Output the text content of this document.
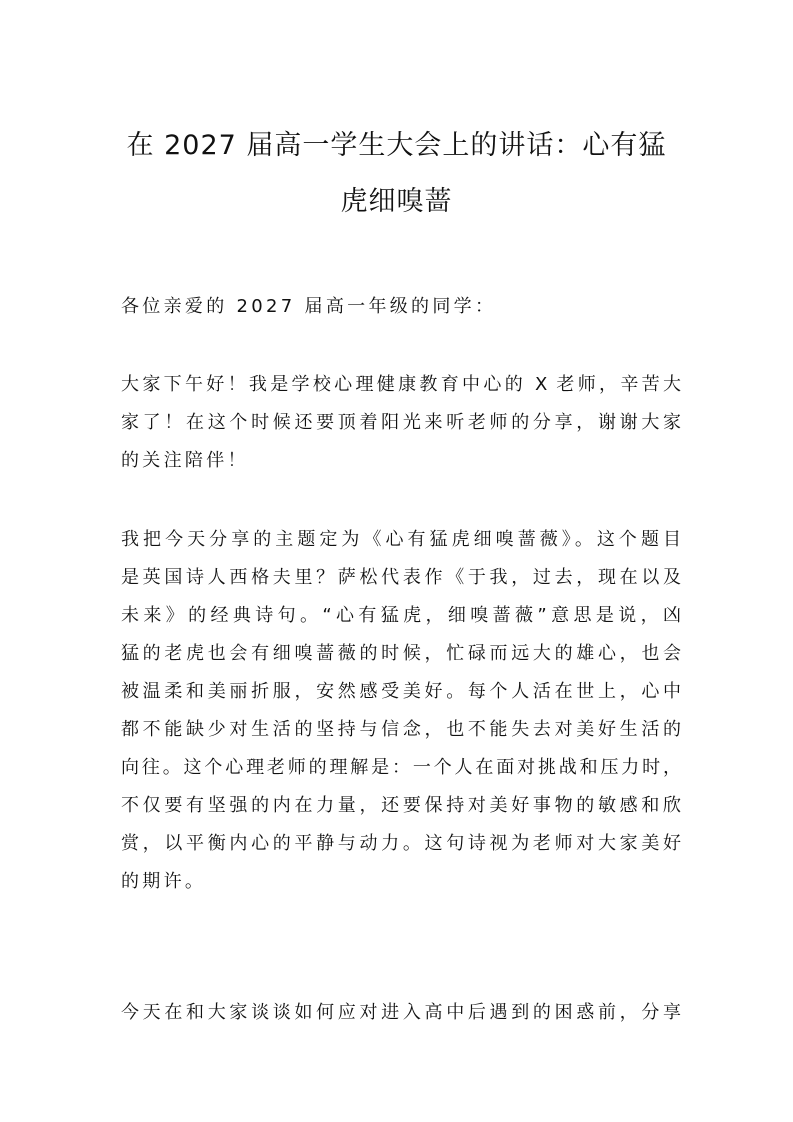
在 2027 届高一学生大会上的讲话：心有猛
虎细嗅蔷
各位亲爱的 2027 届高一年级的同学：
大家下午好！我是学校心理健康教育中心的 X 老师，辛苦大
家了！在这个时候还要顶着阳光来听老师的分享，谢谢大家
的关注陪伴！
我把今天分享的主题定为《心有猛虎细嗅蔷薇》。这个题目
是英国诗人西格夫里？萨松代表作《于我，过去，现在以及
未来》的经典诗句。“心有猛虎，细嗅蔷薇”意思是说，凶
猛的老虎也会有细嗅蔷薇的时候，忙碌而远大的雄心，也会
被温柔和美丽折服，安然感受美好。每个人活在世上，心中
都不能缺少对生活的坚持与信念，也不能失去对美好生活的
向往。这个心理老师的理解是：一个人在面对挑战和压力时，
不仅要有坚强的内在力量，还要保持对美好事物的敏感和欣
赏，以平衡内心的平静与动力。这句诗视为老师对大家美好
的期许。
今天在和大家谈谈如何应对进入高中后遇到的困惑前，分享
